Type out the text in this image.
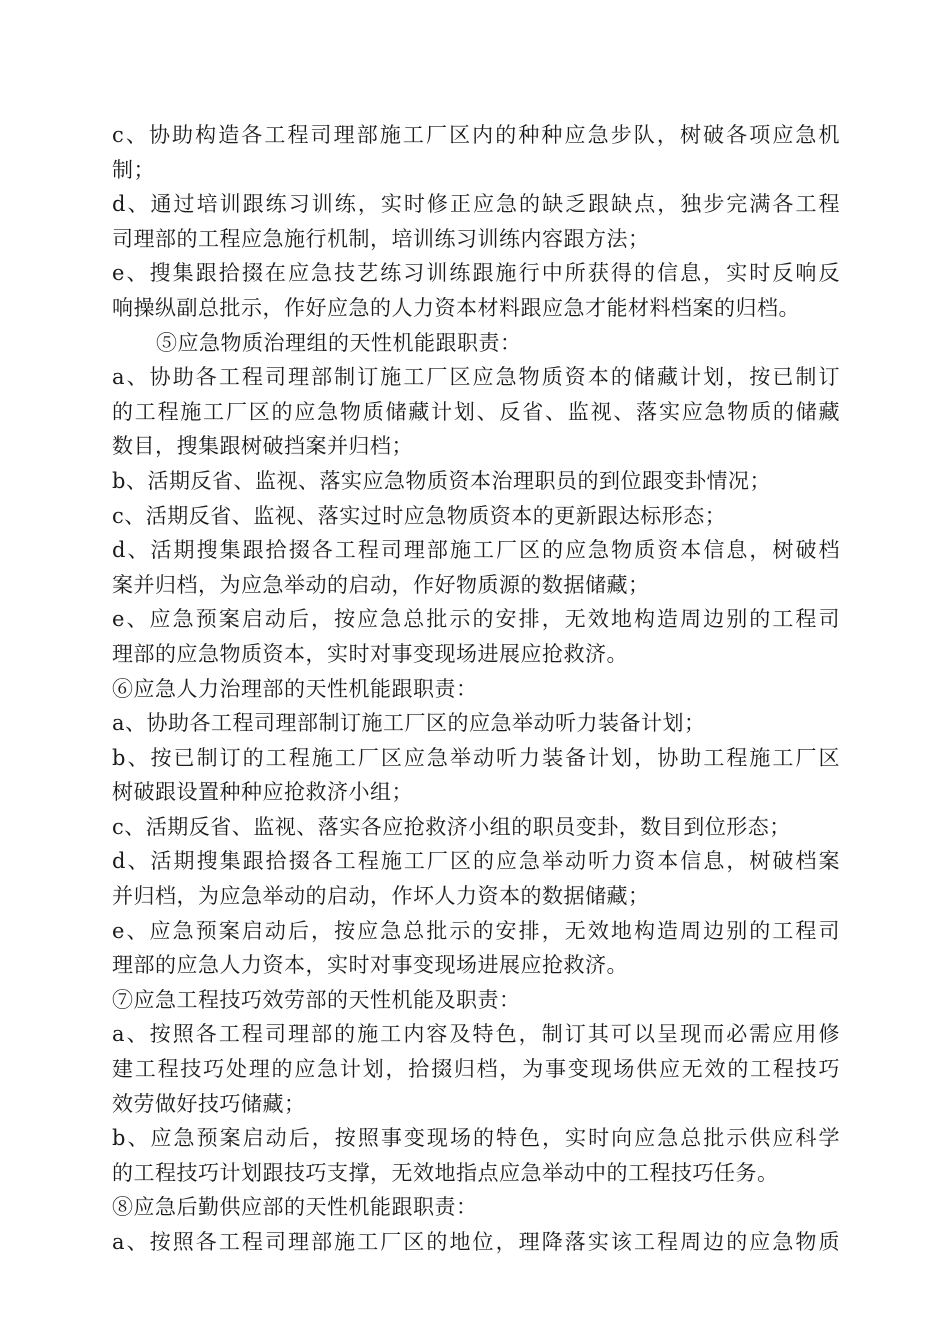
c、协助构造各工程司理部施工厂区内的种种应急步队，树破各项应急机
制；
d、通过培训跟练习训练，实时修正应急的缺乏跟缺点，独步完满各工程
司理部的工程应急施行机制，培训练习训练内容跟方法；
e、搜集跟拾掇在应急技艺练习训练跟施行中所获得的信息，实时反响反
响操纵副总批示，作好应急的人力资本材料跟应急才能材料档案的归档。
⑤应急物质治理组的天性机能跟职责：
a、协助各工程司理部制订施工厂区应急物质资本的储藏计划，按已制订
的工程施工厂区的应急物质储藏计划、反省、监视、落实应急物质的储藏
数目，搜集跟树破挡案并归档；
b、活期反省、监视、落实应急物质资本治理职员的到位跟变卦情况；
c、活期反省、监视、落实过时应急物质资本的更新跟达标形态；
d、活期搜集跟拾掇各工程司理部施工厂区的应急物质资本信息，树破档
案并归档，为应急举动的启动，作好物质源的数据储藏；
e、应急预案启动后，按应急总批示的安排，无效地构造周边别的工程司
理部的应急物质资本，实时对事变现场进展应抢救济。
⑥应急人力治理部的天性机能跟职责：
a、协助各工程司理部制订施工厂区的应急举动听力装备计划；
b、按已制订的工程施工厂区应急举动听力装备计划，协助工程施工厂区
树破跟设置种种应抢救济小组；
c、活期反省、监视、落实各应抢救济小组的职员变卦，数目到位形态；
d、活期搜集跟拾掇各工程施工厂区的应急举动听力资本信息，树破档案
并归档，为应急举动的启动，作坏人力资本的数据储藏；
e、应急预案启动后，按应急总批示的安排，无效地构造周边别的工程司
理部的应急人力资本，实时对事变现场进展应抢救济。
⑦应急工程技巧效劳部的天性机能及职责：
a、按照各工程司理部的施工内容及特色，制订其可以呈现而必需应用修
建工程技巧处理的应急计划，拾掇归档，为事变现场供应无效的工程技巧
效劳做好技巧储藏；
b、应急预案启动后，按照事变现场的特色，实时向应急总批示供应科学
的工程技巧计划跟技巧支撑，无效地指点应急举动中的工程技巧任务。
⑧应急后勤供应部的天性机能跟职责：
a、按照各工程司理部施工厂区的地位，理降落实该工程周边的应急物质
